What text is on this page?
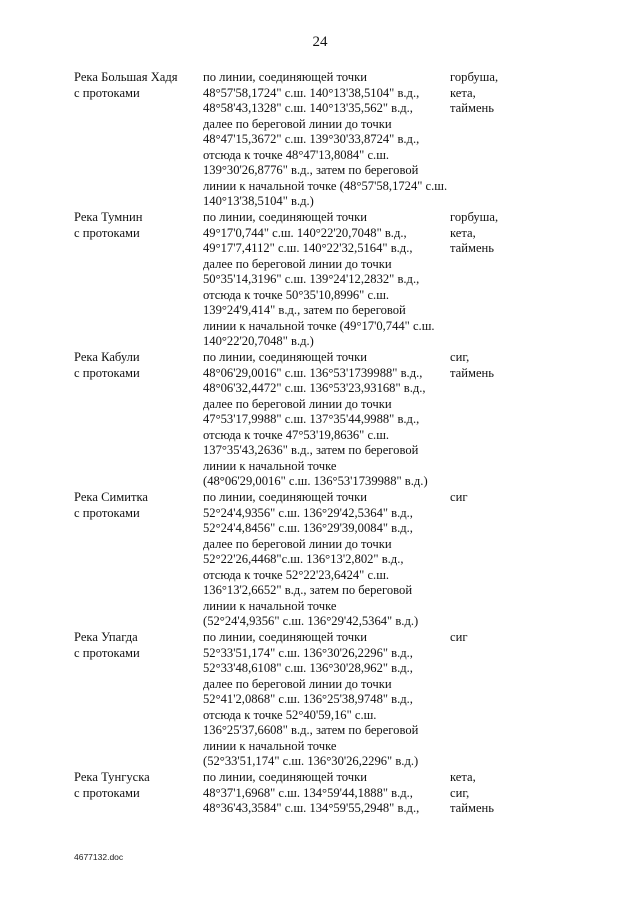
24
Река Большая Хадя
с протоками
по линии, соединяющей точки
48°57'58,1724" с.ш. 140°13'38,5104" в.д.,
48°58'43,1328" с.ш. 140°13'35,562" в.д.,
далее по береговой линии до точки
48°47'15,3672" с.ш. 139°30'33,8724" в.д.,
отсюда к точке 48°47'13,8084" с.ш.
139°30'26,8776" в.д., затем по береговой
линии к начальной точке (48°57'58,1724" с.ш.
140°13'38,5104" в.д.)
горбуша,
кета,
таймень
Река Тумнин
с протоками
по линии, соединяющей точки
49°17'0,744" с.ш. 140°22'20,7048" в.д.,
49°17'7,4112" с.ш. 140°22'32,5164" в.д.,
далее по береговой линии до точки
50°35'14,3196" с.ш. 139°24'12,2832" в.д.,
отсюда к точке 50°35'10,8996" с.ш.
139°24'9,414" в.д., затем по береговой
линии к начальной точке (49°17'0,744" с.ш.
140°22'20,7048" в.д.)
горбуша,
кета,
таймень
Река Кабули
с протоками
по линии, соединяющей точки
48°06'29,0016" с.ш. 136°53'1739988" в.д.,
48°06'32,4472" с.ш. 136°53'23,93168" в.д.,
далее по береговой линии до точки
47°53'17,9988" с.ш. 137°35'44,9988" в.д.,
отсюда к точке 47°53'19,8636" с.ш.
137°35'43,2636" в.д., затем по береговой
линии к начальной точке
(48°06'29,0016" с.ш. 136°53'1739988" в.д.)
сиг,
таймень
Река Симитка
с протоками
по линии, соединяющей точки
52°24'4,9356" с.ш. 136°29'42,5364" в.д.,
52°24'4,8456" с.ш. 136°29'39,0084" в.д.,
далее по береговой линии до точки
52°22'26,4468"с.ш. 136°13'2,802" в.д.,
отсюда к точке 52°22'23,6424" с.ш.
136°13'2,6652" в.д., затем по береговой
линии к начальной точке
(52°24'4,9356" с.ш. 136°29'42,5364" в.д.)
сиг
Река Упагда
с протоками
по линии, соединяющей точки
52°33'51,174" с.ш. 136°30'26,2296" в.д.,
52°33'48,6108" с.ш. 136°30'28,962" в.д.,
далее по береговой линии до точки
52°41'2,0868" с.ш. 136°25'38,9748" в.д.,
отсюда к точке 52°40'59,16" с.ш.
136°25'37,6608" в.д., затем по береговой
линии к начальной точке
(52°33'51,174" с.ш. 136°30'26,2296" в.д.)
сиг
Река Тунгуска
с протоками
по линии, соединяющей точки
48°37'1,6968" с.ш. 134°59'44,1888" в.д.,
48°36'43,3584" с.ш. 134°59'55,2948" в.д.,
кета,
сиг,
таймень
4677132.doc
